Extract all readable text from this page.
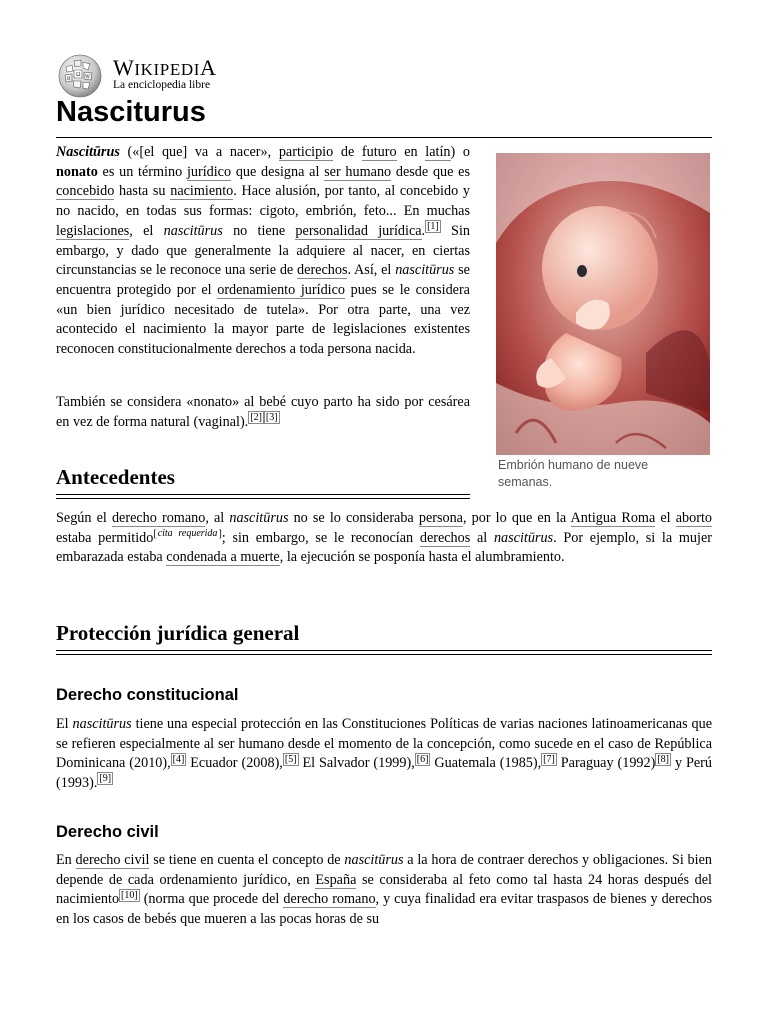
Ω W
И WIKIPEDIA
La enciclopedia libre
Nasciturus
Embrión humano de nueve semanas.

Nascitūrus («[el que] va a nacer», participio de futuro en latín) o nonato es un término jurídico que designa al ser humano desde que es concebido hasta su nacimiento. Hace alusión, por tanto, al concebido y no nacido, en todas sus formas: cigoto, embrión, feto... En muchas legislaciones, el nascitūrus no tiene personalidad jurídica. [1] Sin embargo, y dado que generalmente la adquiere al nacer, en ciertas circunstancias se le reconoce una serie de derechos. Así, el nascitūrus se encuentra protegido por el ordenamiento jurídico pues se le considera «un bien jurídico necesitado de tutela». Por otra parte, una vez acontecido el nacimiento la mayor parte de legislaciones existentes reconocen constitucionalmente derechos a toda persona nacida.

También se considera «nonato» al bebé cuyo parto ha sido por cesárea en vez de forma natural (vaginal). [2] [3]

Antecedentes

Según el derecho romano, al nascitūrus no se lo consideraba persona, por lo que en la Antigua Roma el aborto estaba permitido[cita requerida]; sin embargo, se le reconocían derechos al nascitūrus. Por ejemplo, si la mujer embarazada estaba condenada a muerte, la ejecución se posponía hasta el alumbramiento.

Protección jurídica general
Derecho constitucional

El nascitūrus tiene una especial protección en las Constituciones Políticas de varias naciones latinoamericanas que se refieren especialmente al ser humano desde el momento de la concepción, como sucede en el caso de República Dominicana (2010), [4] Ecuador (2008), [5] El Salvador (1999), [6] Guatemala (1985), [7] Paraguay (1992) [8] y Perú (1993). [9]

Derecho civil

En derecho civil se tiene en cuenta el concepto de nascitūrus a la hora de contraer derechos y obligaciones. Si bien depende de cada ordenamiento jurídico, en España se consideraba al feto como tal hasta 24 horas después del nacimiento [10] (norma que procede del derecho romano, y cuya finalidad era evitar traspasos de bienes y derechos en los casos de bebés que mueren a las pocas horas de su
